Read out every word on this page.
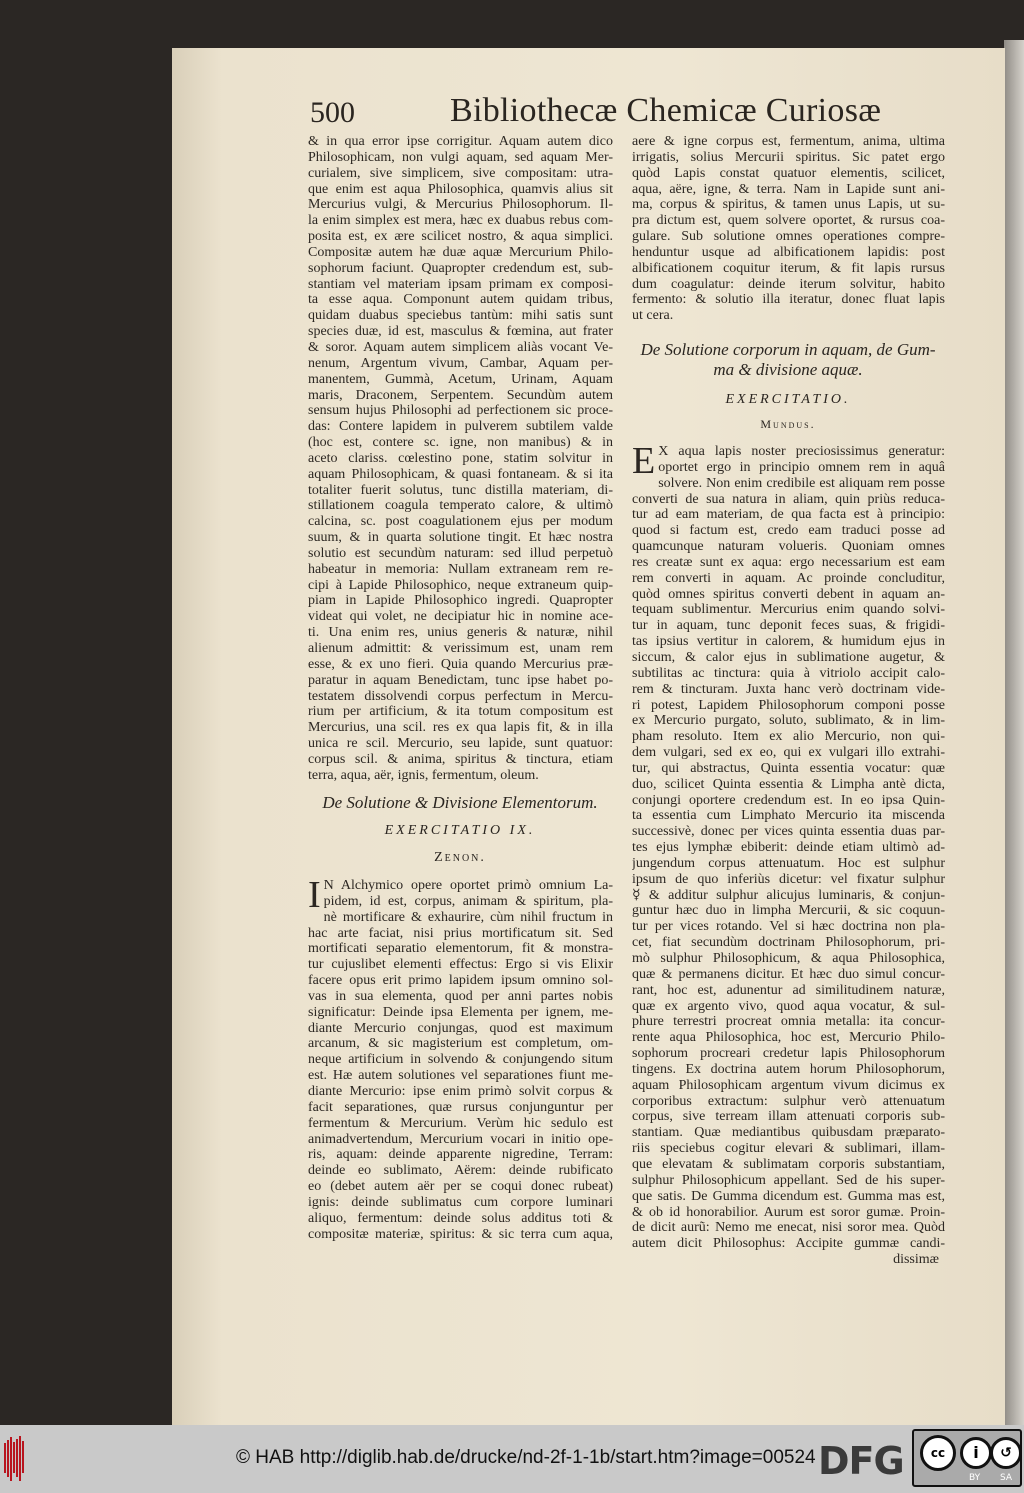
500	Bibliothecæ Chemicæ Curiosæ
& in qua error ipse corrigitur. Aquam autem dico
Philosophicam, non vulgi aquam, sed aquam Mer-
curialem, sive simplicem, sive compositam: utra-
que enim est aqua Philosophica, quamvis alius sit
Mercurius vulgi, & Mercurius Philosophorum. Il-
la enim simplex est mera, hæc ex duabus rebus com-
posita est, ex ære scilicet nostro, & aqua simplici.
Compositæ autem hæ duæ aquæ Mercurium Philo-
sophorum faciunt. Quapropter credendum est, sub-
stantiam vel materiam ipsam primam ex composi-
ta esse aqua. Componunt autem quidam tribus,
quidam duabus speciebus tantùm: mihi satis sunt
species duæ, id est, masculus & fœmina, aut frater
& soror. Aquam autem simplicem aliàs vocant Ve-
nenum, Argentum vivum, Cambar, Aquam per-
manentem, Gummà, Acetum, Urinam, Aquam
maris, Draconem, Serpentem. Secundùm autem
sensum hujus Philosophi ad perfectionem sic proce-
das: Contere lapidem in pulverem subtilem valde
(hoc est, contere sc. igne, non manibus) & in
aceto clariss. cœlestino pone, statim solvitur in
aquam Philosophicam, & quasi fontaneam. & si ita
totaliter fuerit solutus, tunc distilla materiam, di-
stillationem coagula temperato calore, & ultimò
calcina, sc. post coagulationem ejus per modum
suum, & in quarta solutione tingit. Et hæc nostra
solutio est secundùm naturam: sed illud perpetuò
habeatur in memoria: Nullam extraneam rem re-
cipi à Lapide Philosophico, neque extraneum quip-
piam in Lapide Philosophico ingredi. Quapropter
videat qui volet, ne decipiatur hic in nomine ace-
ti. Una enim res, unius generis & naturæ, nihil
alienum admittit: & verissimum est, unam rem
esse, & ex uno fieri. Quia quando Mercurius præ-
paratur in aquam Benedictam, tunc ipse habet po-
testatem dissolvendi corpus perfectum in Mercu-
rium per artificium, & ita totum compositum est
Mercurius, una scil. res ex qua lapis fit, & in illa
unica re scil. Mercurio, seu lapide, sunt quatuor:
corpus scil. & anima, spiritus & tinctura, etiam
terra, aqua, aër, ignis, fermentum, oleum.
De Solutione & Divisione Elementorum.
EXERCITATIO IX.
Zenon.
I N Alchymico opere oportet primò omnium La-
pidem, id est, corpus, animam & spiritum, pla-
nè mortificare & exhaurire, cùm nihil fructum in
hac arte faciat, nisi prius mortificatum sit. Sed
mortificati separatio elementorum, fit & monstra-
tur cujuslibet elementi effectus: Ergo si vis Elixir
facere opus erit primo lapidem ipsum omnino sol-
vas in sua elementa, quod per anni partes nobis
significatur: Deinde ipsa Elementa per ignem, me-
diante Mercurio conjungas, quod est maximum
arcanum, & sic magisterium est completum, om-
neque artificium in solvendo & conjungendo situm
est. Hæ autem solutiones vel separationes fiunt me-
diante Mercurio: ipse enim primò solvit corpus &
facit separationes, quæ rursus conjunguntur per
fermentum & Mercurium. Verùm hic sedulo est
animadvertendum, Mercurium vocari in initio ope-
ris, aquam: deinde apparente nigredine, Terram:
deinde eo sublimato, Aërem: deinde rubificato
eo (debet autem aër per se coqui donec rubeat)
ignis: deinde sublimatus cum corpore luminari
aliquo, fermentum: deinde solus additus toti &
compositæ materiæ, spiritus: & sic terra cum aqua,
aere & igne corpus est, fermentum, anima, ultima
irrigatis, solius Mercurii spiritus. Sic patet ergo
quòd Lapis constat quatuor elementis, scilicet,
aqua, aëre, igne, & terra. Nam in Lapide sunt ani-
ma, corpus & spiritus, & tamen unus Lapis, ut su-
pra dictum est, quem solvere oportet, & rursus coa-
gulare. Sub solutione omnes operationes compre-
henduntur usque ad albificationem lapidis: post
albificationem coquitur iterum, & fit lapis rursus
dum coagulatur: deinde iterum solvitur, habito
fermento: & solutio illa iteratur, donec fluat lapis
ut cera.
De Solutione corporum in aquam, de Gum-
ma & divisione aquæ.
EXERCITATIO.
Mundus.
E X aqua lapis noster preciosissimus generatur:
oportet ergo in principio omnem rem in aquâ
solvere. Non enim credibile est aliquam rem posse
converti de sua natura in aliam, quin priùs reduca-
tur ad eam materiam, de qua facta est à principio:
quod si factum est, credo eam traduci posse ad
quamcunque naturam volueris. Quoniam omnes
res creatæ sunt ex aqua: ergo necessarium est eam
rem converti in aquam. Ac proinde concluditur,
quòd omnes spiritus converti debent in aquam an-
tequam sublimentur. Mercurius enim quando solvi-
tur in aquam, tunc deponit feces suas, & frigidi-
tas ipsius vertitur in calorem, & humidum ejus in
siccum, & calor ejus in sublimatione augetur, &
subtilitas ac tinctura: quia à vitriolo accipit calo-
rem & tincturam. Juxta hanc verò doctrinam vide-
ri potest, Lapidem Philosophorum componi posse
ex Mercurio purgato, soluto, sublimato, & in lim-
pham resoluto. Item ex alio Mercurio, non qui-
dem vulgari, sed ex eo, qui ex vulgari illo extrahi-
tur, qui abstractus, Quinta essentia vocatur: quæ
duo, scilicet Quinta essentia & Limpha antè dicta,
conjungi oportere credendum est. In eo ipsa Quin-
ta essentia cum Limphato Mercurio ita miscenda
successivè, donec per vices quinta essentia duas par-
tes ejus lymphæ ebiberit: deinde etiam ultimò ad-
jungendum corpus attenuatum. Hoc est sulphur
ipsum de quo inferiùs dicetur: vel fixatur sulphur
☿ & additur sulphur alicujus luminaris, & conjun-
guntur hæc duo in limpha Mercurii, & sic coquun-
tur per vices rotando. Vel si hæc doctrina non pla-
cet, fiat secundùm doctrinam Philosophorum, pri-
mò sulphur Philosophicum, & aqua Philosophica,
quæ & permanens dicitur. Et hæc duo simul concur-
rant, hoc est, adunentur ad similitudinem naturæ,
quæ ex argento vivo, quod aqua vocatur, & sul-
phure terrestri procreat omnia metalla: ita concur-
rente aqua Philosophica, hoc est, Mercurio Philo-
sophorum procreari credetur lapis Philosophorum
tingens. Ex doctrina autem horum Philosophorum,
aquam Philosophicam argentum vivum dicimus ex
corporibus extractum: sulphur verò attenuatum
corpus, sive terream illam attenuati corporis sub-
stantiam. Quæ mediantibus quibusdam præparato-
riis speciebus cogitur elevari & sublimari, illam-
que elevatam & sublimatam corporis substantiam,
sulphur Philosophicum appellant. Sed de his super-
que satis. De Gumma dicendum est. Gumma mas est,
& ob id honorabilior. Aurum est soror gumæ. Proin-
de dicit aurũ: Nemo me enecat, nisi soror mea. Quòd
autem dicit Philosophus: Accipite gummæ candi-
dissimæ
© HAB http://diglib.hab.de/drucke/nd-2f-1-1b/start.htm?image=00524 DFG	cc	i	↺
BY SA
